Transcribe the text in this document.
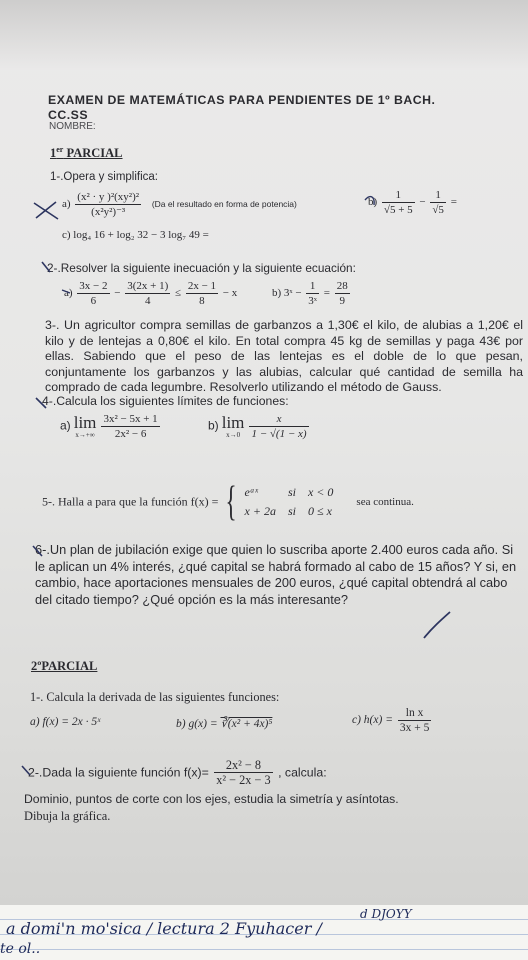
EXAMEN DE MATEMÁTICAS PARA PENDIENTES DE 1º BACH.
CC.SS
NOMBRE:
1er PARCIAL
1-.Opera y simplifica:
$a) \frac{\text{(x² · y )²(xy²)²}}{\text{(x²y²)⁻³}} (Da$ el resultado en forma de potencia)	$b) \frac{1}{√5 + 5} - \frac{1}{√5}$ =
c) log₄ 16 + log₂ 32 − 3 log₇ 49 =
2-.Resolver la siguiente inecuación y la siguiente ecuación:
$a) \frac{3x - 2}{6} - \frac{3(2x + 1)}{4} \le \frac{2x - 1}{8} - x$	b) 3ˣ − $\frac{1}{\text{3ˣ}} = \frac{28}{9}$
3-. Un agricultor compra semillas de garbanzos a 1,30€ el kilo, de alubias a 1,20€ el kilo y de lentejas a 0,80€ el kilo. En total compra 45 kg de semillas y paga 43€ por ellas. Sabiendo que el peso de las lentejas es el doble de lo que pesan, conjuntamente los garbanzos y las alubias, calcular qué cantidad de semilla ha comprado de cada legumbre. Resolverlo utilizando el método de Gauss.
4-.Calcula los siguientes límites de funciones:
a) lim
x→+∞
$\frac{\text{3x² − 5x + 1}}{\text{2x² − 6}}$	b) lim
x→0
$\frac{x}{1 - √(1 - x)}$
5-. Halla a para que la función f(x) = { eᵃˣ	si	x < 0
x + 2a	si	0 ≤ x sea continua.
6-.Un plan de jubilación exige que quien lo suscriba aporte 2.400 euros cada año. Si le aplican un 4% interés, ¿qué capital se habrá formado al cabo de 15 años? Y si, en cambio, hace aportaciones mensuales de 200 euros, ¿qué capital obtendrá al cabo del citado tiempo? ¿Qué opción es la más interesante?
2ºPARCIAL
1-. Calcula la derivada de las siguientes funciones:
a) f(x) = 2x · 5ˣ	b) g(x) = ∛(x² + 4x)⁵	c) $h(x) = \frac{\text{ln x}}{3x + 5}$
2-.Dada la siguiente función $f(x)= \frac{\text{2x² − 8}}{\text{x² − 2x − 3}}$ , calcula:
Dominio, puntos de corte con los ejes, estudia la simetría y asíntotas.
Dibuja la gráfica.
a domi'n mo'sica / lectura 2 Fyuhacer /
d DJOYY
te ol..
